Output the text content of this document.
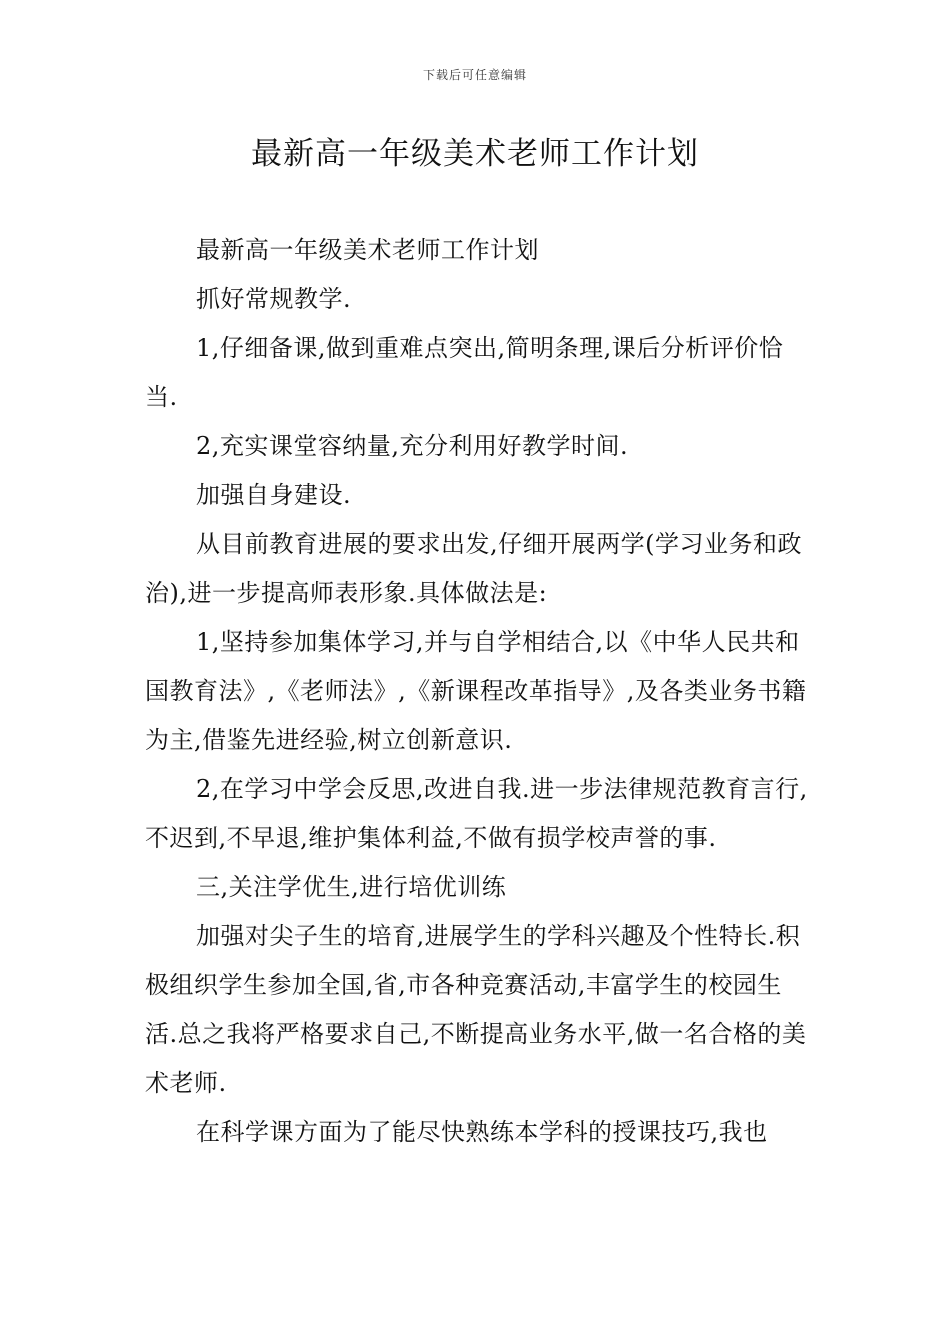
下载后可任意编辑
最新高一年级美术老师工作计划

最新高一年级美术老师工作计划

抓好常规教学.

1,仔细备课,做到重难点突出,简明条理,课后分析评价恰当.

2,充实课堂容纳量,充分利用好教学时间.

加强自身建设.

从目前教育进展的要求出发,仔细开展两学(学习业务和政治),进一步提高师表形象.具体做法是:

1,坚持参加集体学习,并与自学相结合,以《中华人民共和国教育法》,《老师法》,《新课程改革指导》,及各类业务书籍为主,借鉴先进经验,树立创新意识.

2,在学习中学会反思,改进自我.进一步法律规范教育言行,不迟到,不早退,维护集体利益,不做有损学校声誉的事.

三,关注学优生,进行培优训练

加强对尖子生的培育,进展学生的学科兴趣及个性特长.积极组织学生参加全国,省,市各种竞赛活动,丰富学生的校园生活.总之我将严格要求自己,不断提高业务水平,做一名合格的美术老师.

在科学课方面为了能尽快熟练本学科的授课技巧,我也
